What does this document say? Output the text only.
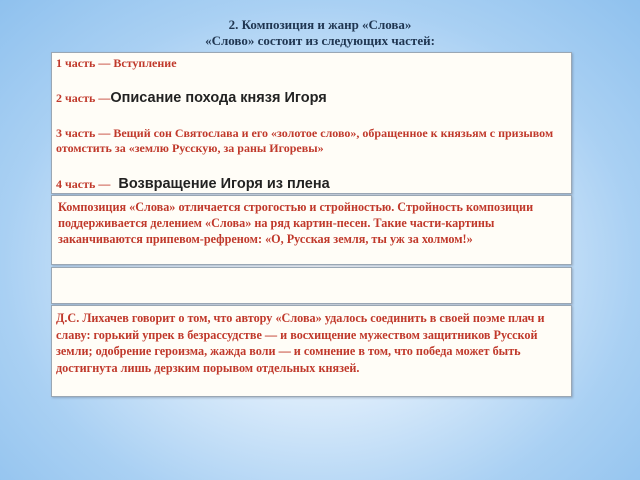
2. Композиция и жанр «Слова»
«Слово» состоит из следующих частей:
1 часть — Вступление
2 часть —Описание похода князя Игоря
3 часть — Вещий сон Святослава и его «золотое слово», обращенное к князьям с призывом отомстить за «землю Русскую, за раны Игоревы»
4 часть — Возвращение Игоря из плена
Композиция «Слова» отличается строгостью и стройностью. Стройность композиции поддерживается делением «Слова» на ряд картин-песен. Такие части-картины заканчиваются припевом-рефреном: «О, Русская земля, ты уж за холмом!»
Д.С. Лихачев говорит о том, что автору «Слова» удалось соединить в своей поэме плач и славу: горький упрек в безрассудстве — и восхищение мужеством защитников Русской земли; одобрение героизма, жажда воли — и сомнение в том, что победа может быть достигнута лишь дерзким порывом отдельных князей.
